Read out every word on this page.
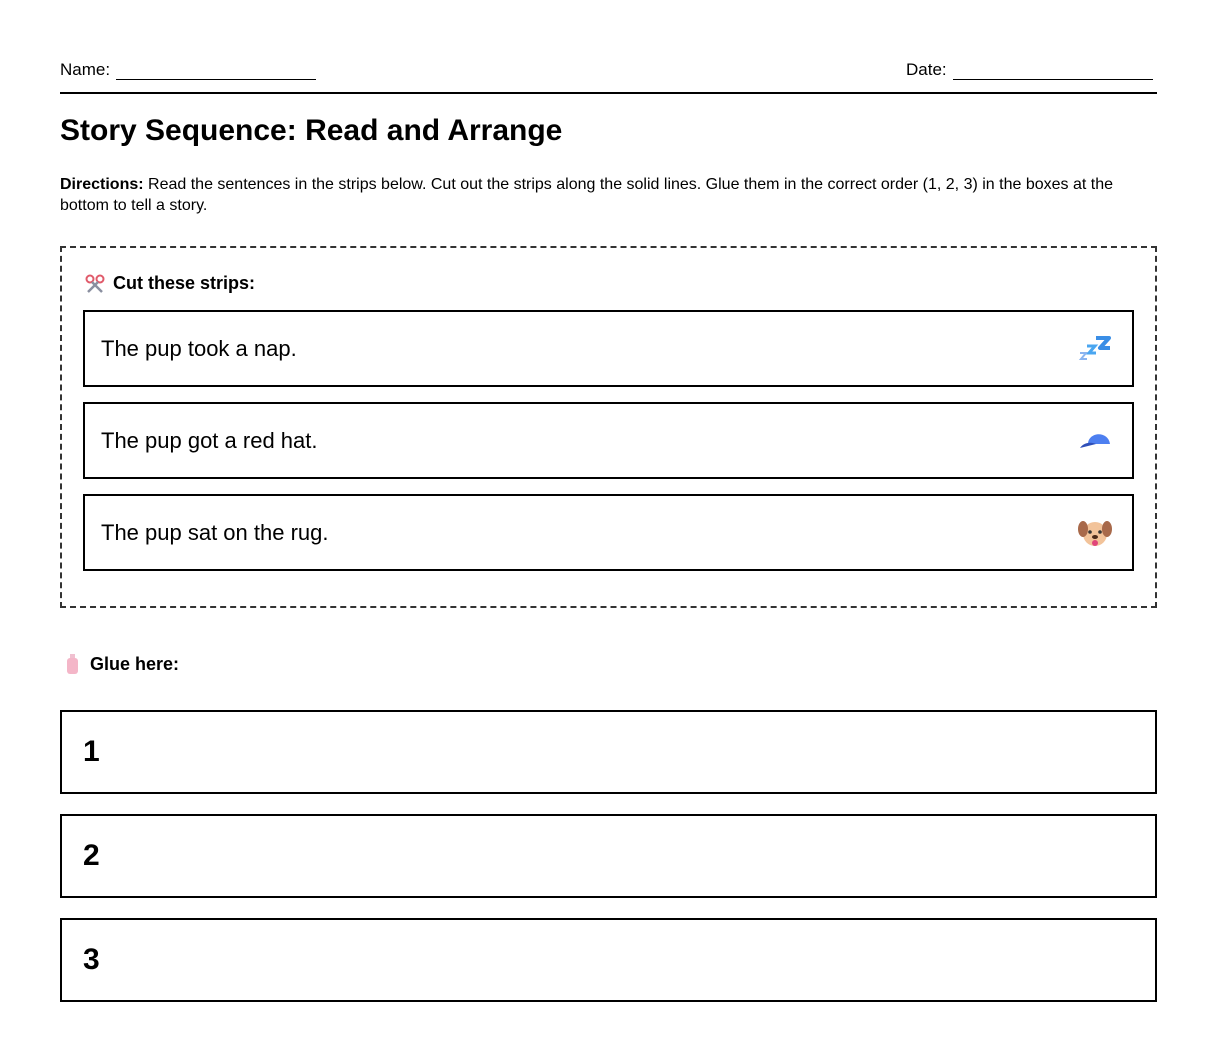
Name:	Date:
Story Sequence: Read and Arrange
Directions: Read the sentences in the strips below. Cut out the strips along the solid lines. Glue them in the correct order (1, 2, 3) in the boxes at the bottom to tell a story.
Cut these strips:
The pup took a nap.
The pup got a red hat.
The pup sat on the rug.
Glue here:
1
2
3
